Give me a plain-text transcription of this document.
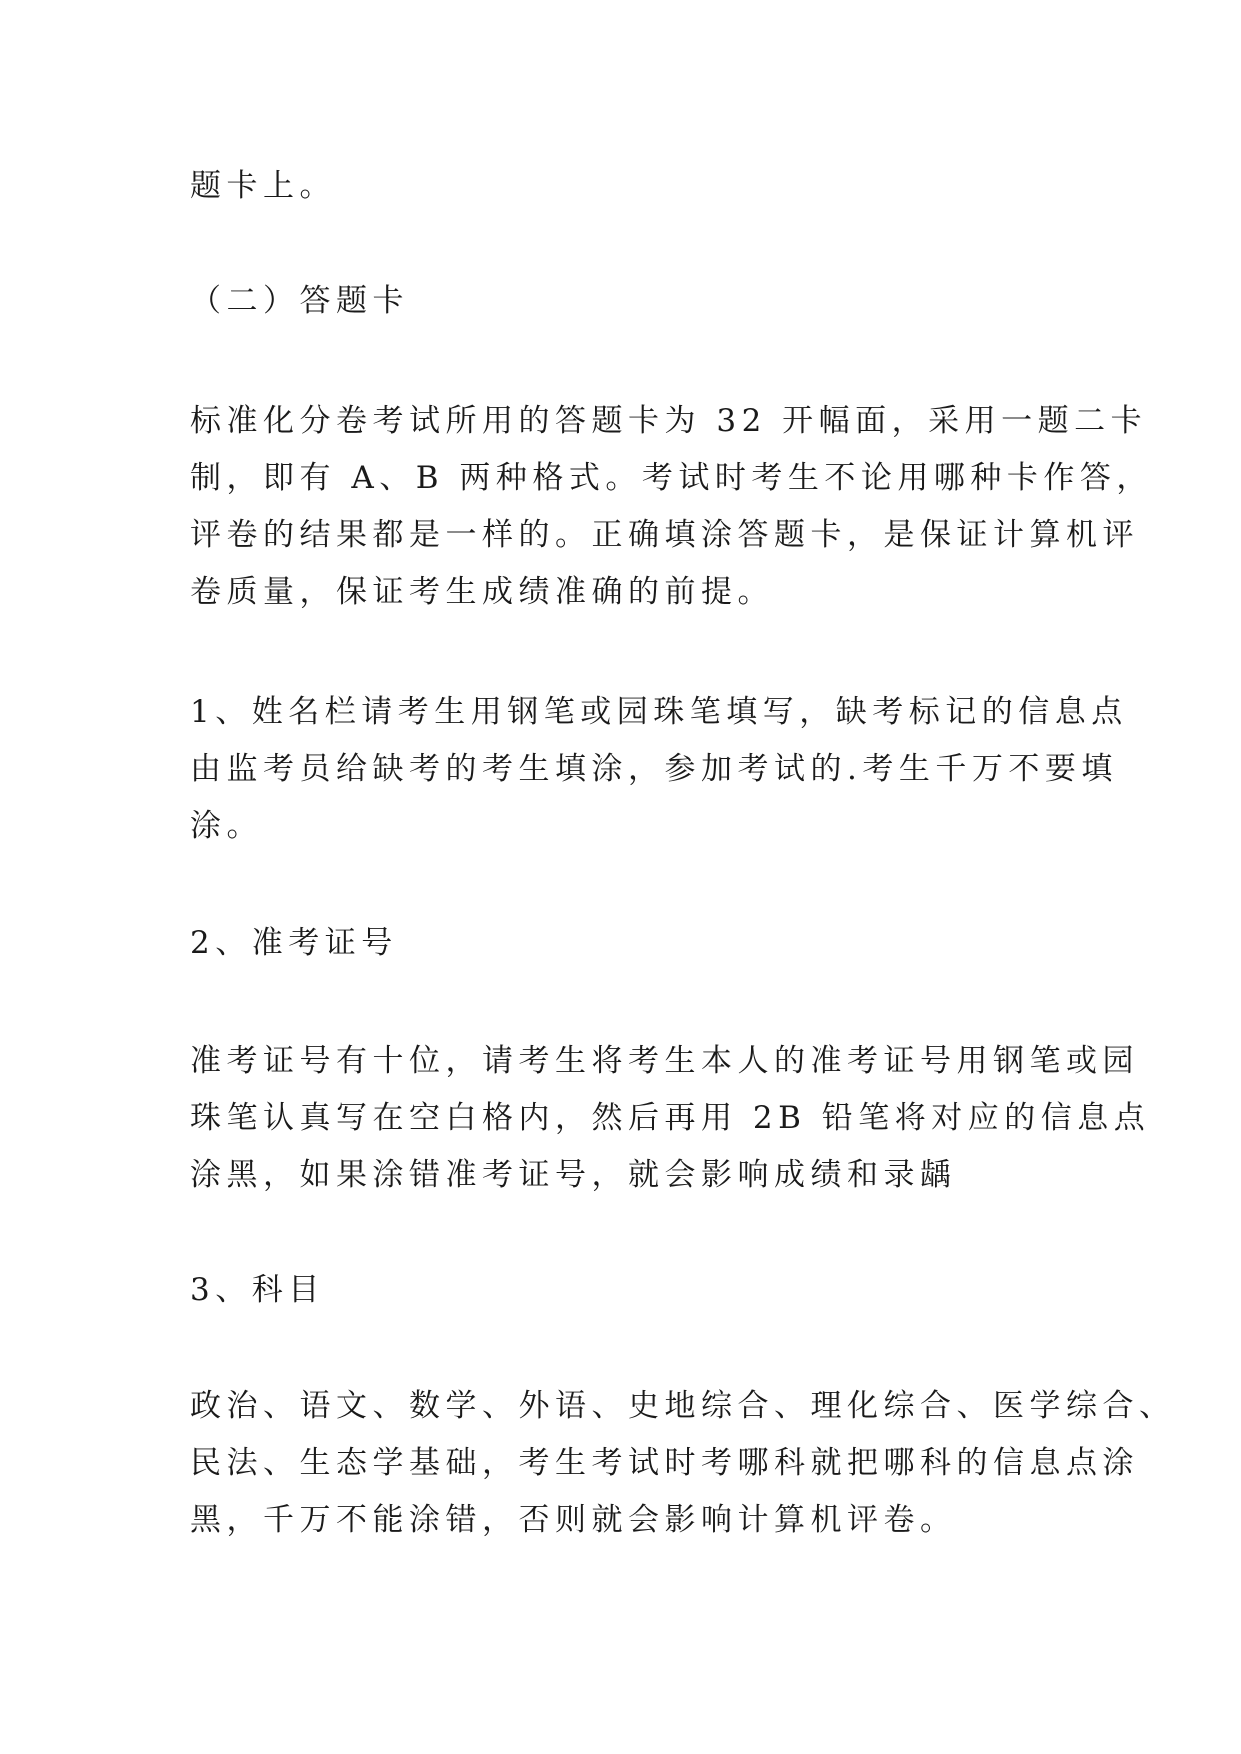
题卡上。

（二）答题卡

标准化分卷考试所用的答题卡为 32 开幅面，采用一题二卡
制，即有 A、B 两种格式。考试时考生不论用哪种卡作答，
评卷的结果都是一样的。正确填涂答题卡，是保证计算机评
卷质量，保证考生成绩准确的前提。

1、姓名栏请考生用钢笔或园珠笔填写，缺考标记的信息点
由监考员给缺考的考生填涂，参加考试的.考生千万不要填
涂。

2、准考证号

准考证号有十位，请考生将考生本人的准考证号用钢笔或园
珠笔认真写在空白格内，然后再用 2B 铅笔将对应的信息点
涂黑，如果涂错准考证号，就会影响成绩和录龋

3、科目

政治、语文、数学、外语、史地综合、理化综合、医学综合、
民法、生态学基础，考生考试时考哪科就把哪科的信息点涂
黑，千万不能涂错，否则就会影响计算机评卷。
